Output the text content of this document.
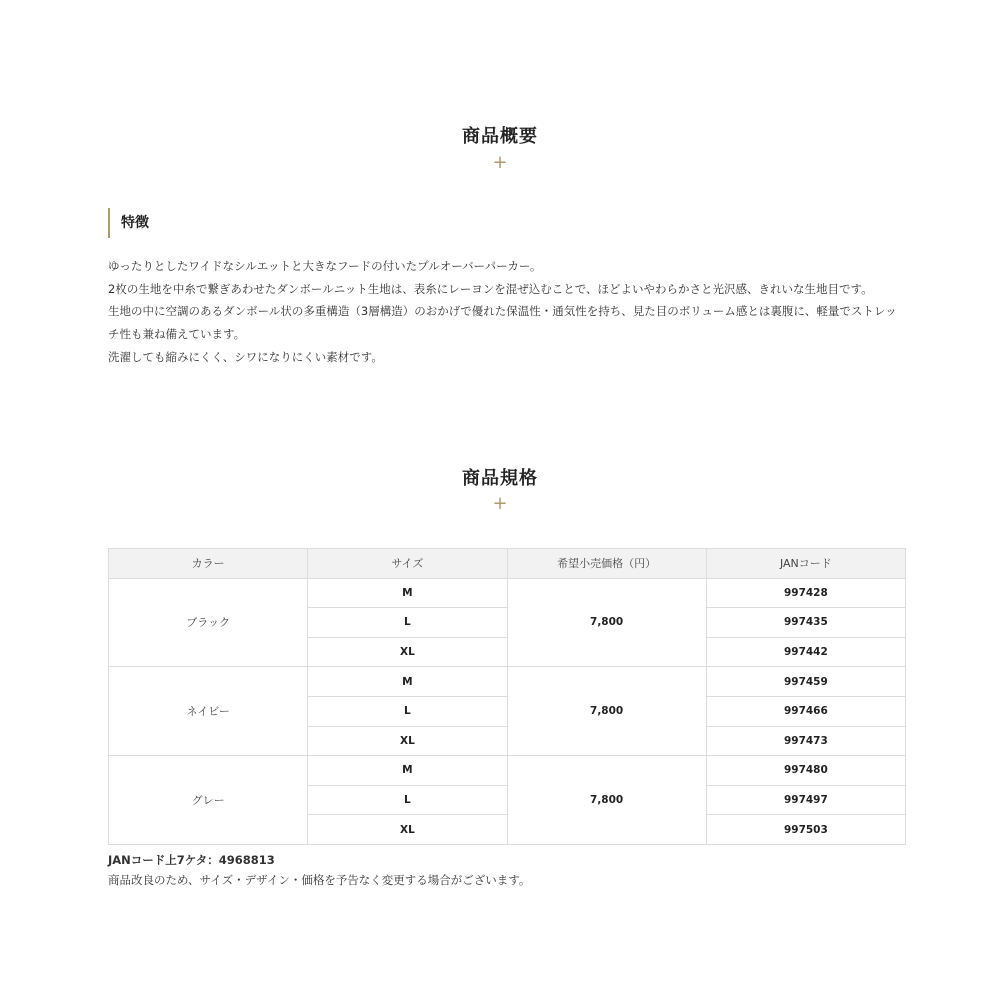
商品概要
+
特徴

ゆったりとしたワイドなシルエットと大きなフードの付いたプルオーバーパーカー。

2枚の生地を中糸で繋ぎあわせたダンボールニット生地は、表糸にレーヨンを混ぜ込むことで、ほどよいやわらかさと光沢感、きれいな生地目です。

生地の中に空調のあるダンボール状の多重構造（3層構造）のおかげで優れた保温性・通気性を持ち、見た目のボリューム感とは裏腹に、軽量でストレッチ性も兼ね備えています。

洗濯しても縮みにくく、シワになりにくい素材です。

商品規格
+
カラー	サイズ	希望小売価格（円）	JANコード
ブラック	M	7,800	997428
	L		997435
	XL		997442
ネイビー	M	7,800	997459
	L		997466
	XL		997473
グレー	M	7,800	997480
	L		997497
	XL		997503
JANコード上7ケタ：4968813
商品改良のため、サイズ・デザイン・価格を予告なく変更する場合がございます。
